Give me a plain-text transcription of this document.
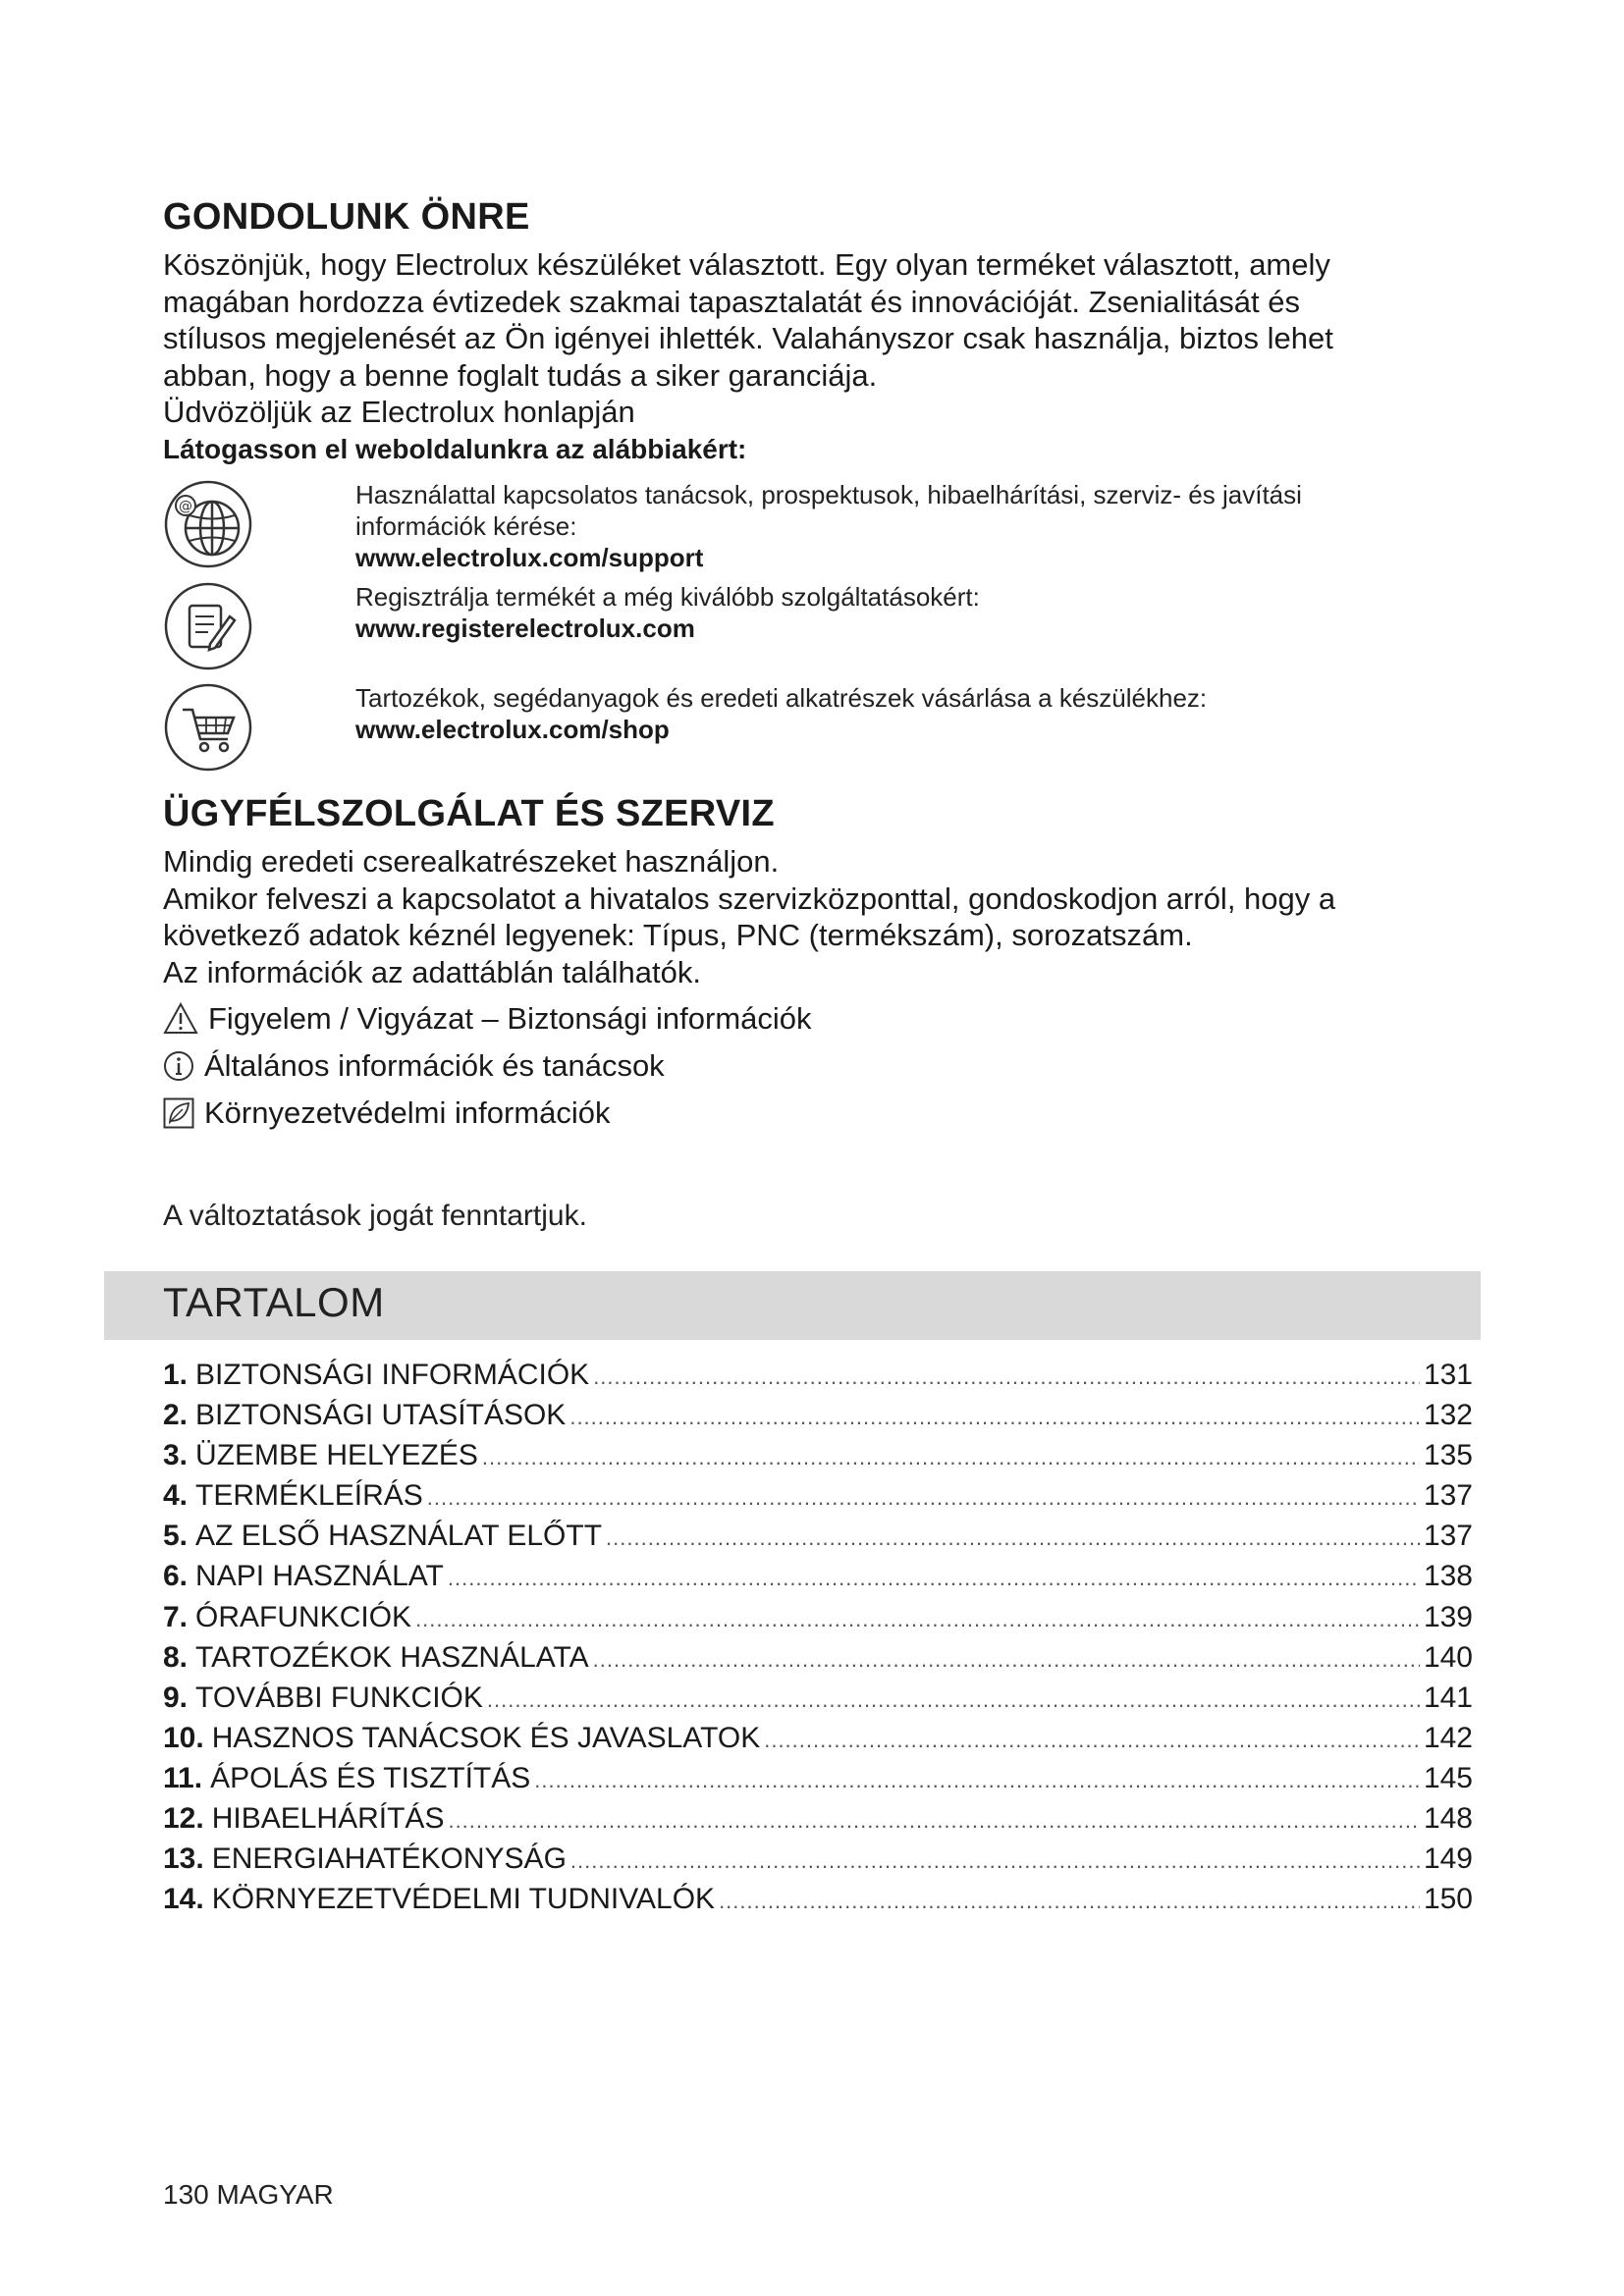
GONDOLUNK ÖNRE

Köszönjük, hogy Electrolux készüléket választott. Egy olyan terméket választott, amely

magában hordozza évtizedek szakmai tapasztalatát és innovációját. Zsenialitását és

stílusos megjelenését az Ön igényei ihlették. Valahányszor csak használja, biztos lehet

abban, hogy a benne foglalt tudás a siker garanciája.

Üdvözöljük az Electrolux honlapján

Látogasson el weboldalunkra az alábbiakért:

@	Használattal kapcsolatos tanácsok, prospektusok, hibaelhárítási, szerviz- és javítási
információk kérése:
www.electrolux.com/support
Regisztrálja termékét a még kiválóbb szolgáltatásokért:
www.registerelectrolux.com
Tartozékok, segédanyagok és eredeti alkatrészek vásárlása a készülékhez:
www.electrolux.com/shop
ÜGYFÉLSZOLGÁLAT ÉS SZERVIZ

Mindig eredeti cserealkatrészeket használjon.

Amikor felveszi a kapcsolatot a hivatalos szervizközponttal, gondoskodjon arról, hogy a

következő adatok kéznél legyenek: Típus, PNC (termékszám), sorozatszám.

Az információk az adattáblán találhatók.

Figyelem / Vigyázat – Biztonsági információk
Általános információk és tanácsok
Környezetvédelmi információk
A változtatások jogát fenntartjuk.
TARTALOM
1. BIZTONSÁGI INFORMÁCIÓK .....	131
2. BIZTONSÁGI UTASÍTÁSOK .....	132
3. ÜZEMBE HELYEZÉS .....	135
4. TERMÉKLEÍRÁS .....	137
5. AZ ELSŐ HASZNÁLAT ELŐTT .....	137
6. NAPI HASZNÁLAT .....	138
7. ÓRAFUNKCIÓK .....	139
8. TARTOZÉKOK HASZNÁLATA .....	140
9. TOVÁBBI FUNKCIÓK .....	141
10. HASZNOS TANÁCSOK ÉS JAVASLATOK .....	142
11. ÁPOLÁS ÉS TISZTÍTÁS .....	145
12. HIBAELHÁRÍTÁS .....	148
13. ENERGIAHATÉKONYSÁG .....	149
14. KÖRNYEZETVÉDELMI TUDNIVALÓK .....	150
130 MAGYAR
